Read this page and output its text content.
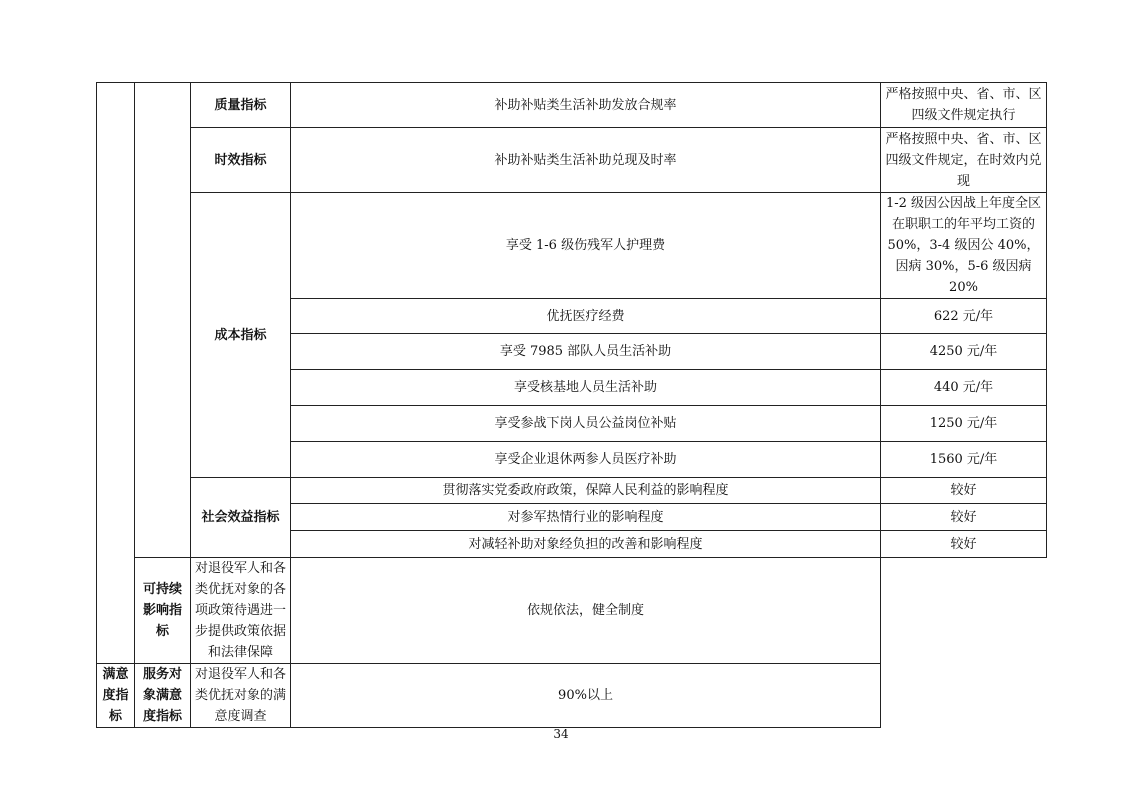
		质量指标	补助补贴类生活补助发放合规率	严格按照中央、省、市、区四级文件规定执行
		时效指标	补助补贴类生活补助兑现及时率	严格按照中央、省、市、区四级文件规定，在时效内兑现
		成本指标	享受 1-6 级伤残军人护理费	1-2 级因公因战上年度全区在职职工的年平均工资的 50%，3-4 级因公 40%，因病 30%，5-6 级因病 20%
			优抚医疗经费	622 元/年
			享受 7985 部队人员生活补助	4250 元/年
			享受核基地人员生活补助	440 元/年
			享受参战下岗人员公益岗位补贴	1250 元/年
			享受企业退休两参人员医疗补助	1560 元/年
		社会效益指标	贯彻落实党委政府政策，保障人民利益的影响程度	较好
			对参军热情行业的影响程度	较好
			对减轻补助对象经负担的改善和影响程度	较好
	可持续影响指标	对退役军人和各类优抚对象的各项政策待遇进一步提供政策依据和法律保障	依规依法，健全制度	
满意度指标	服务对象满意度指标	对退役军人和各类优抚对象的满意度调查	90%以上	
34
